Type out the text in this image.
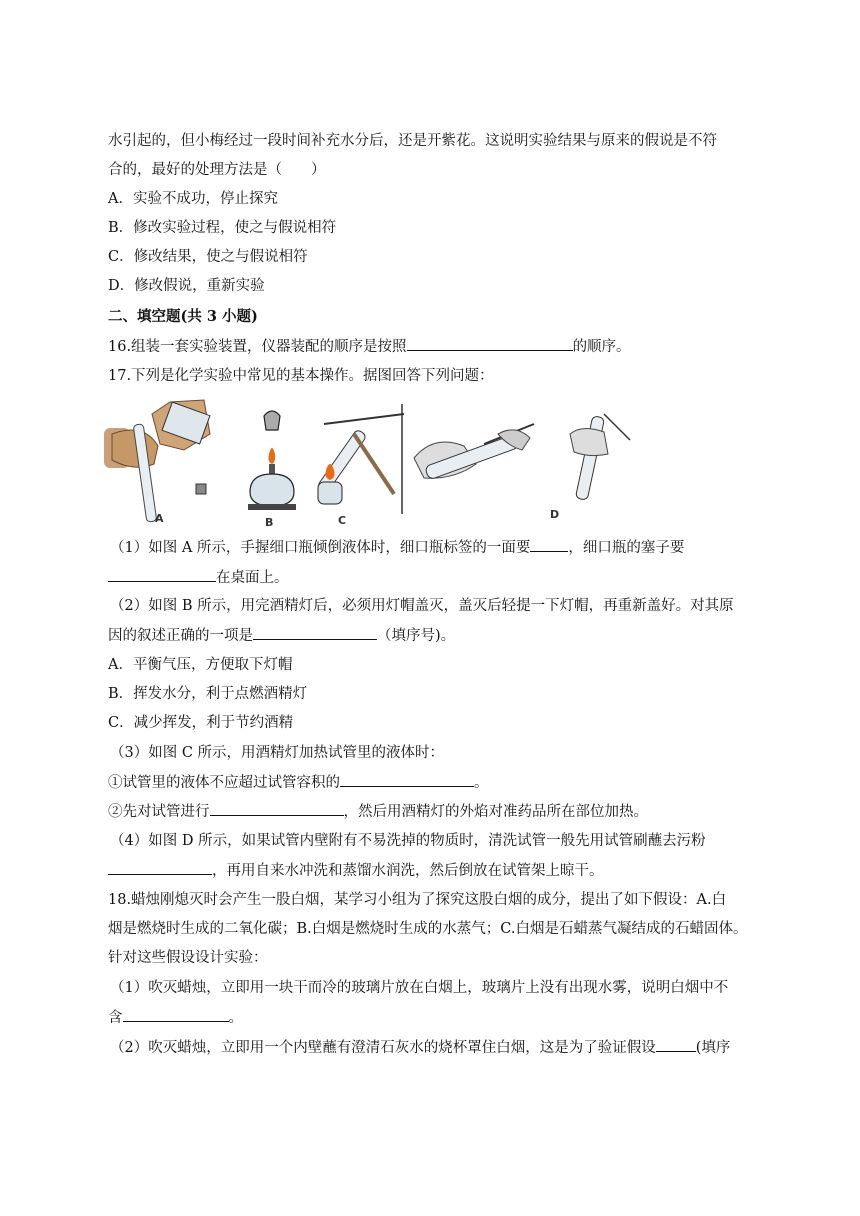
水引起的，但小梅经过一段时间补充水分后，还是开紫花。这说明实验结果与原来的假说是不符
合的，最好的处理方法是（　　）
A．实验不成功，停止探究
B．修改实验过程，使之与假说相符
C．修改结果，使之与假说相符
D．修改假说，重新实验
二、填空题(共 3 小题)
16.组装一套实验装置，仪器装配的顺序是按照	的顺序。
17.下列是化学实验中常见的基本操作。据图回答下列问题：
A	B	C	D
（1）如图 A 所示，手握细口瓶倾倒液体时，细口瓶标签的一面要	，细口瓶的塞子要
在桌面上。
（2）如图 B 所示，用完酒精灯后，必须用灯帽盖灭，盖灭后轻提一下灯帽，再重新盖好。对其原
因的叙述正确的一项是	（填序号)。
A．平衡气压，方便取下灯帽
B．挥发水分，利于点燃酒精灯
C．减少挥发，利于节约酒精
（3）如图 C 所示，用酒精灯加热试管里的液体时：
①试管里的液体不应超过试管容积的	。
②先对试管进行	，然后用酒精灯的外焰对准药品所在部位加热。
（4）如图 D 所示，如果试管内壁附有不易洗掉的物质时，清洗试管一般先用试管刷蘸去污粉
，再用自来水冲洗和蒸馏水润洗，然后倒放在试管架上晾干。
18.蜡烛刚熄灭时会产生一股白烟，某学习小组为了探究这股白烟的成分，提出了如下假设：A.白
烟是燃烧时生成的二氧化碳；B.白烟是燃烧时生成的水蒸气；C.白烟是石蜡蒸气凝结成的石蜡固体。
针对这些假设设计实验：
（1）吹灭蜡烛，立即用一块干而冷的玻璃片放在白烟上，玻璃片上没有出现水雾，说明白烟中不
含	。
（2）吹灭蜡烛，立即用一个内壁蘸有澄清石灰水的烧杯罩住白烟，这是为了验证假设	(填序
